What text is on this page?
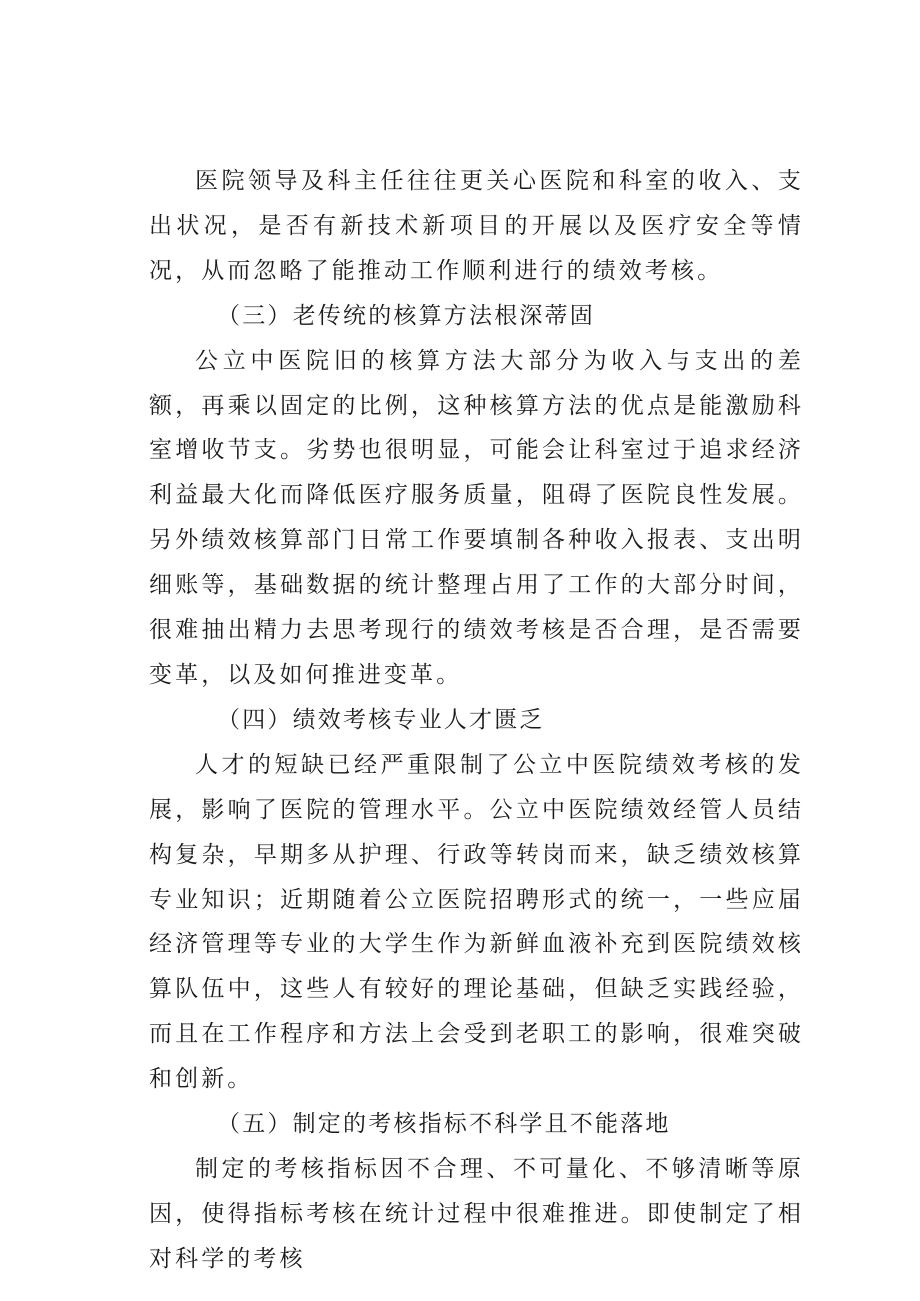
医院领导及科主任往往更关心医院和科室的收入、支出状况，是否有新技术新项目的开展以及医疗安全等情况，从而忽略了能推动工作顺利进行的绩效考核。

（三）老传统的核算方法根深蒂固

公立中医院旧的核算方法大部分为收入与支出的差额，再乘以固定的比例，这种核算方法的优点是能激励科室增收节支。劣势也很明显，可能会让科室过于追求经济利益最大化而降低医疗服务质量，阻碍了医院良性发展。另外绩效核算部门日常工作要填制各种收入报表、支出明细账等，基础数据的统计整理占用了工作的大部分时间，很难抽出精力去思考现行的绩效考核是否合理，是否需要变革，以及如何推进变革。

（四）绩效考核专业人才匮乏

人才的短缺已经严重限制了公立中医院绩效考核的发展，影响了医院的管理水平。公立中医院绩效经管人员结构复杂，早期多从护理、行政等转岗而来，缺乏绩效核算专业知识；近期随着公立医院招聘形式的统一，一些应届经济管理等专业的大学生作为新鲜血液补充到医院绩效核算队伍中，这些人有较好的理论基础，但缺乏实践经验，而且在工作程序和方法上会受到老职工的影响，很难突破和创新。

（五）制定的考核指标不科学且不能落地

制定的考核指标因不合理、不可量化、不够清晰等原因，使得指标考核在统计过程中很难推进。即使制定了相对科学的考核
